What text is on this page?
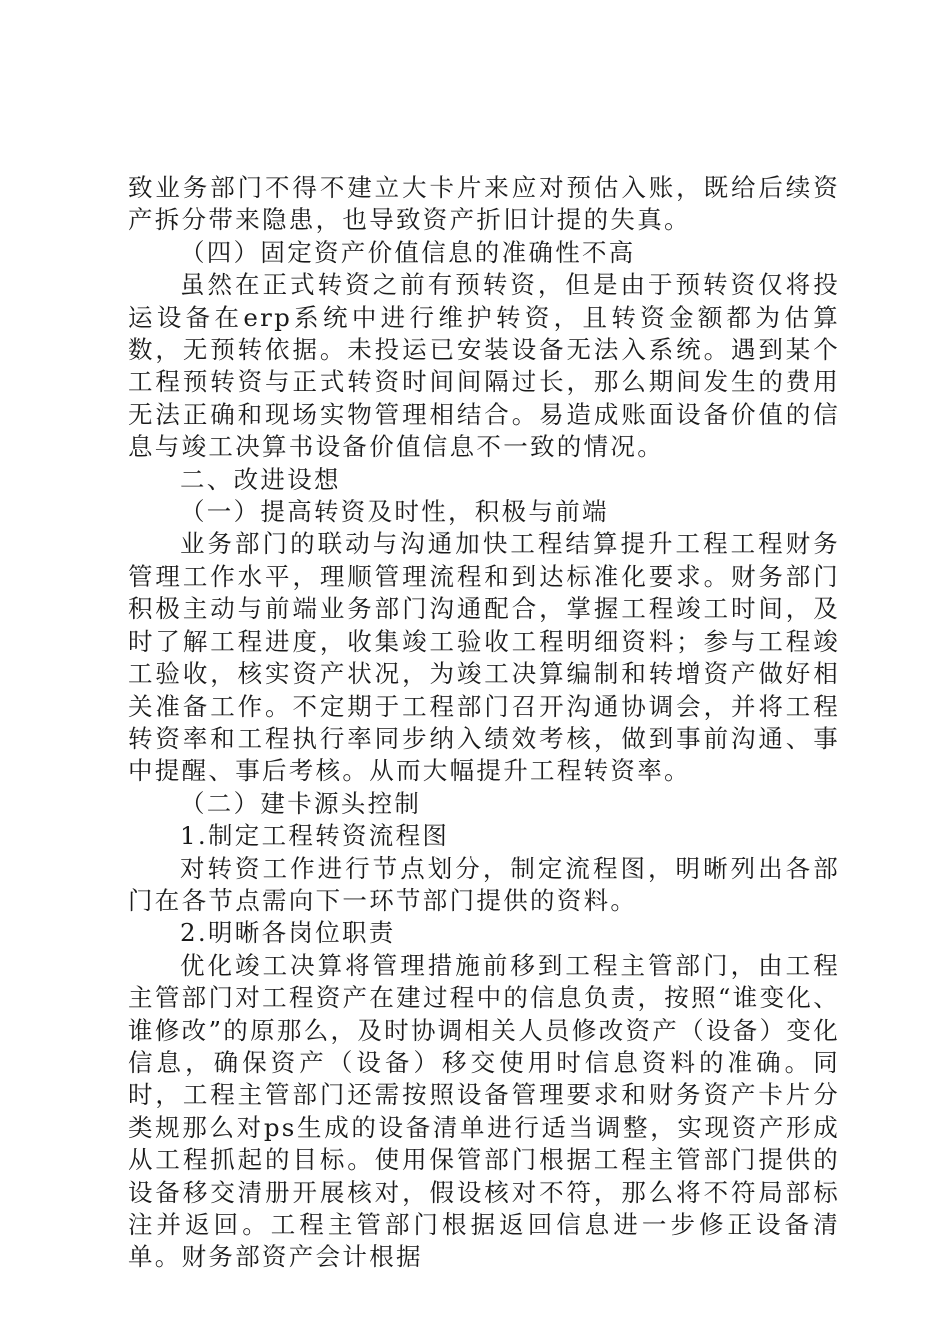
致业务部门不得不建立大卡片来应对预估入账，既给后续资产拆分带来隐患，也导致资产折旧计提的失真。

（四）固定资产价值信息的准确性不高

虽然在正式转资之前有预转资，但是由于预转资仅将投运设备在erp系统中进行维护转资，且转资金额都为估算数，无预转依据。未投运已安装设备无法入系统。遇到某个工程预转资与正式转资时间间隔过长，那么期间发生的费用无法正确和现场实物管理相结合。易造成账面设备价值的信息与竣工决算书设备价值信息不一致的情况。

二、改进设想

（一）提高转资及时性，积极与前端

业务部门的联动与沟通加快工程结算提升工程工程财务管理工作水平，理顺管理流程和到达标准化要求。财务部门积极主动与前端业务部门沟通配合，掌握工程竣工时间，及时了解工程进度，收集竣工验收工程明细资料；参与工程竣工验收，核实资产状况，为竣工决算编制和转增资产做好相关准备工作。不定期于工程部门召开沟通协调会，并将工程转资率和工程执行率同步纳入绩效考核，做到事前沟通、事中提醒、事后考核。从而大幅提升工程转资率。

（二）建卡源头控制

1.制定工程转资流程图

对转资工作进行节点划分，制定流程图，明晰列出各部门在各节点需向下一环节部门提供的资料。

2.明晰各岗位职责

优化竣工决算将管理措施前移到工程主管部门，由工程主管部门对工程资产在建过程中的信息负责，按照“谁变化、谁修改”的原那么，及时协调相关人员修改资产（设备）变化信息，确保资产（设备）移交使用时信息资料的准确。同时，工程主管部门还需按照设备管理要求和财务资产卡片分类规那么对ps生成的设备清单进行适当调整，实现资产形成从工程抓起的目标。使用保管部门根据工程主管部门提供的设备移交清册开展核对，假设核对不符，那么将不符局部标注并返回。工程主管部门根据返回信息进一步修正设备清单。财务部资产会计根据
